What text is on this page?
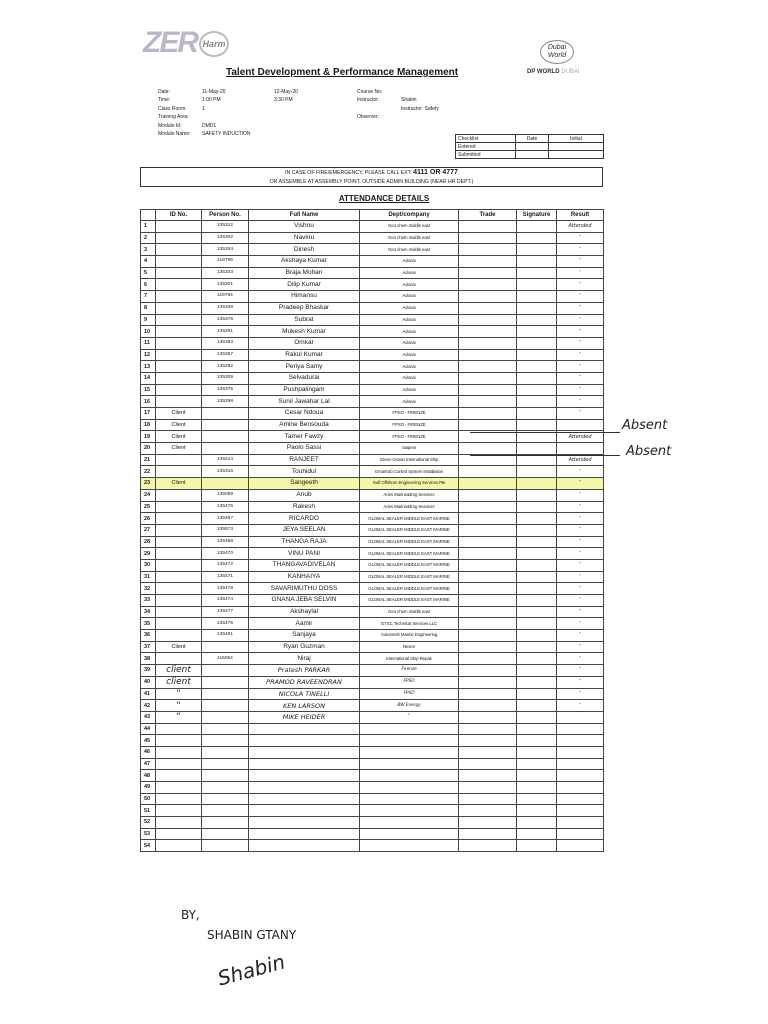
ZER Harm	Dubai World
DP WORLD DUBAI
Talent Development & Performance Management
Date:	11-May-20	12-May-20
Time:	1:00 PM	3:30 PM
Class Room:	1
Training Area:
Module Id:	DMD1
Module Name: SAFETY INDUCTION
Course No:
Instructor:	Shabin
Instructor: Safety
Observer:
Checklist	Date	Initial
Entered		
Submitted		
IN CASE OF FIRE/EMERGENCY, PLEASE CALL EXT: 4111 OR 4777
OR ASSEMBLE AT ASSEMBLY POINT, OUTSIDE ADMIN BUILDING (NEAR HR DEPT.)
ATTENDANCE DETAILS
	ID No.	Person No.	Full Name	Dept/company	Trade	Signature	Result
1		135312	Vishnu	Geo chem middle east			Attended
2		135302	Navinu	Geo chem middle east			"
3		135264	Dinesh	Geo chem middle east			"
4		119799	Akshaya Kumar	Adonai			"
5		135203	Braja Mohan	Adonai			"
6		135301	Dilip Kumar	Adonai			"
7		119794	Himansu	Adonai			"
8		135338	Pradeep Bhaskar	Adonai			"
9		135376	Subrat	Adonai			"
10		135291	Mukesh Kumar	Adonai			"
11		135383	Omkar	Adonai			"
12		135367	Rakul Kumar	Adonai			"
13		135292	Periya Samy	Adonai			"
14		135309	Selvadurai	Adonai			"
15		135375	Pushpalingam	Adonai			"
16		135298	Sunil Jawahar Lal	Adonai			"
17	Client		Cesar Ndoua	FPSO - FIRENZE			"
18	Client		Amine Bensouda	FPSO - FIRENZE			
19	Client		Tamer Fawzy	FPSO - FIRENZE			Attended
20	Client		Paolo Sassi	Saipem			
21		135214	RANJEET	Green Ocean International Ship			Attended
22		135316	Touhidul	Gmartrub Control System Installation			"
23	Client		Sangeeth	Gulf Offshore Engineering Services Pte			"
24		135089	Anub	Aries Marine&Eng Services			"
25		135476	Rakesh	Aries Marine&Eng Services			"
26		135467	RICARDO	GLOBAL SEALER MIDDLE EAST MARINE			"
27		135573	JEYA SEELAN	GLOBAL SEALER MIDDLE EAST MARINE			"
28		135468	THANGA RAJA	GLOBAL SEALER MIDDLE EAST MARINE			"
29		135470	VINU PANI	GLOBAL SEALER MIDDLE EAST MARINE			"
30		135472	THANGAVADIVELAN	GLOBAL SEALER MIDDLE EAST MARINE			"
31		135471	KANHAIYA	GLOBAL SEALER MIDDLE EAST MARINE			"
32		135478	SAVARIMUTHU DOSS	GLOBAL SEALER MIDDLE EAST MARINE			"
33		135474	GNANA JEBA SELVIN	GLOBAL SEALER MIDDLE EAST MARINE			"
34		135477	Akshaylal	Geo chem middle east			"
35		135475	Aamir	GTSC Technical Services LLC			"
36		135491	Sanjaya	Automesh Marine Engineering			"
37	Client		Ryan Guzman	Nexen			"
38		115054	Niraj	International Ship Repair			"
39	client		Pratesh PARKAR	Firenze			"
40	client		PRAMOD RAVEENDRAN	FPSO			"
41	"		NICOLA TINELLI	FPSO			"
42	"		KEN LARSON	BW Energy			"
43	"		MIKE HEIDER	"			
44							
45							
46							
47							
48							
49							
50							
51							
52							
53							
54							
Absent
Absent
BY,
SHABIN GTANY
Shabin
